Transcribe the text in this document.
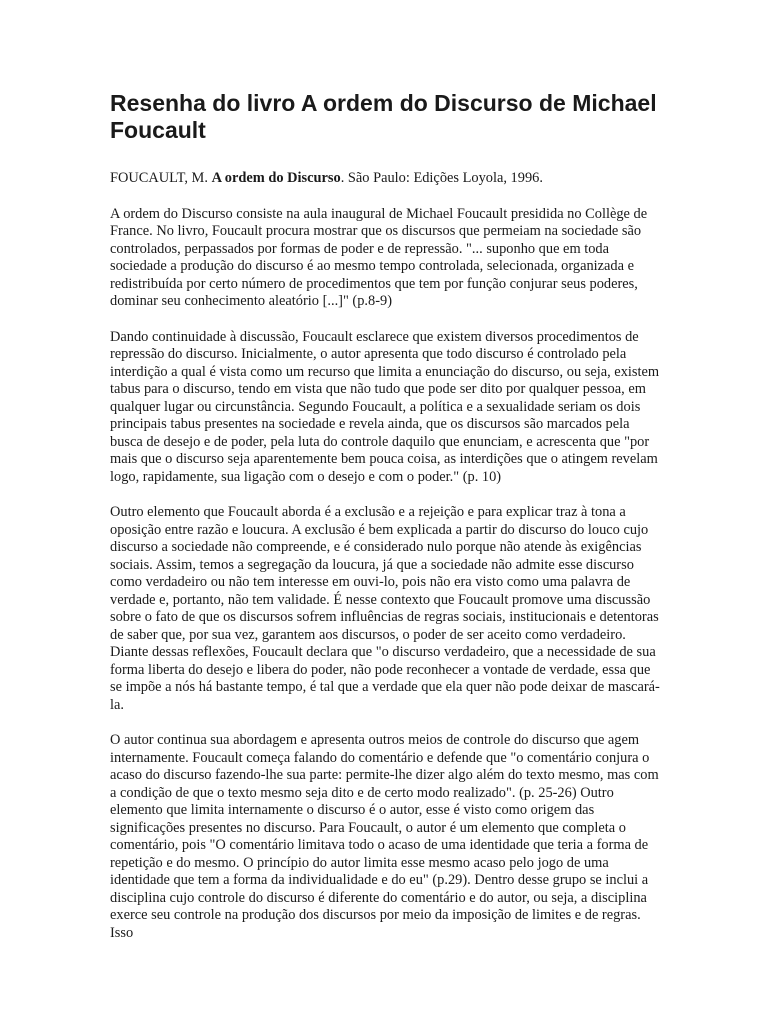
Resenha do livro A ordem do Discurso de Michael Foucault

FOUCAULT, M. A ordem do Discurso. São Paulo: Edições Loyola, 1996.

A ordem do Discurso consiste na aula inaugural de Michael Foucault presidida no Collège de France. No livro, Foucault procura mostrar que os discursos que permeiam na sociedade são controlados, perpassados por formas de poder e de repressão. "... suponho que em toda sociedade a produção do discurso é ao mesmo tempo controlada, selecionada, organizada e redistribuída por certo número de procedimentos que tem por função conjurar seus poderes, dominar seu conhecimento aleatório [...]" (p.8-9)

Dando continuidade à discussão, Foucault esclarece que existem diversos procedimentos de repressão do discurso. Inicialmente, o autor apresenta que todo discurso é controlado pela interdição a qual é vista como um recurso que limita a enunciação do discurso, ou seja, existem tabus para o discurso, tendo em vista que não tudo que pode ser dito por qualquer pessoa, em qualquer lugar ou circunstância. Segundo Foucault, a política e a sexualidade seriam os dois principais tabus presentes na sociedade e revela ainda, que os discursos são marcados pela busca de desejo e de poder, pela luta do controle daquilo que enunciam, e acrescenta que "por mais que o discurso seja aparentemente bem pouca coisa, as interdições que o atingem revelam logo, rapidamente, sua ligação com o desejo e com o poder." (p. 10)

Outro elemento que Foucault aborda é a exclusão e a rejeição e para explicar traz à tona a oposição entre razão e loucura. A exclusão é bem explicada a partir do discurso do louco cujo discurso a sociedade não compreende, e é considerado nulo porque não atende às exigências sociais. Assim, temos a segregação da loucura, já que a sociedade não admite esse discurso como verdadeiro ou não tem interesse em ouvi-lo, pois não era visto como uma palavra de verdade e, portanto, não tem validade. É nesse contexto que Foucault promove uma discussão sobre o fato de que os discursos sofrem influências de regras sociais, institucionais e detentoras de saber que, por sua vez, garantem aos discursos, o poder de ser aceito como verdadeiro. Diante dessas reflexões, Foucault declara que "o discurso verdadeiro, que a necessidade de sua forma liberta do desejo e libera do poder, não pode reconhecer a vontade de verdade, essa que se impõe a nós há bastante tempo, é tal que a verdade que ela quer não pode deixar de mascará-la.

O autor continua sua abordagem e apresenta outros meios de controle do discurso que agem internamente. Foucault começa falando do comentário e defende que "o comentário conjura o acaso do discurso fazendo-lhe sua parte: permite-lhe dizer algo além do texto mesmo, mas com a condição de que o texto mesmo seja dito e de certo modo realizado". (p. 25-26) Outro elemento que limita internamente o discurso é o autor, esse é visto como origem das significações presentes no discurso. Para Foucault, o autor é um elemento que completa o comentário, pois "O comentário limitava todo o acaso de uma identidade que teria a forma de repetição e do mesmo. O princípio do autor limita esse mesmo acaso pelo jogo de uma identidade que tem a forma da individualidade e do eu" (p.29). Dentro desse grupo se inclui a disciplina cujo controle do discurso é diferente do comentário e do autor, ou seja, a disciplina exerce seu controle na produção dos discursos por meio da imposição de limites e de regras. Isso
